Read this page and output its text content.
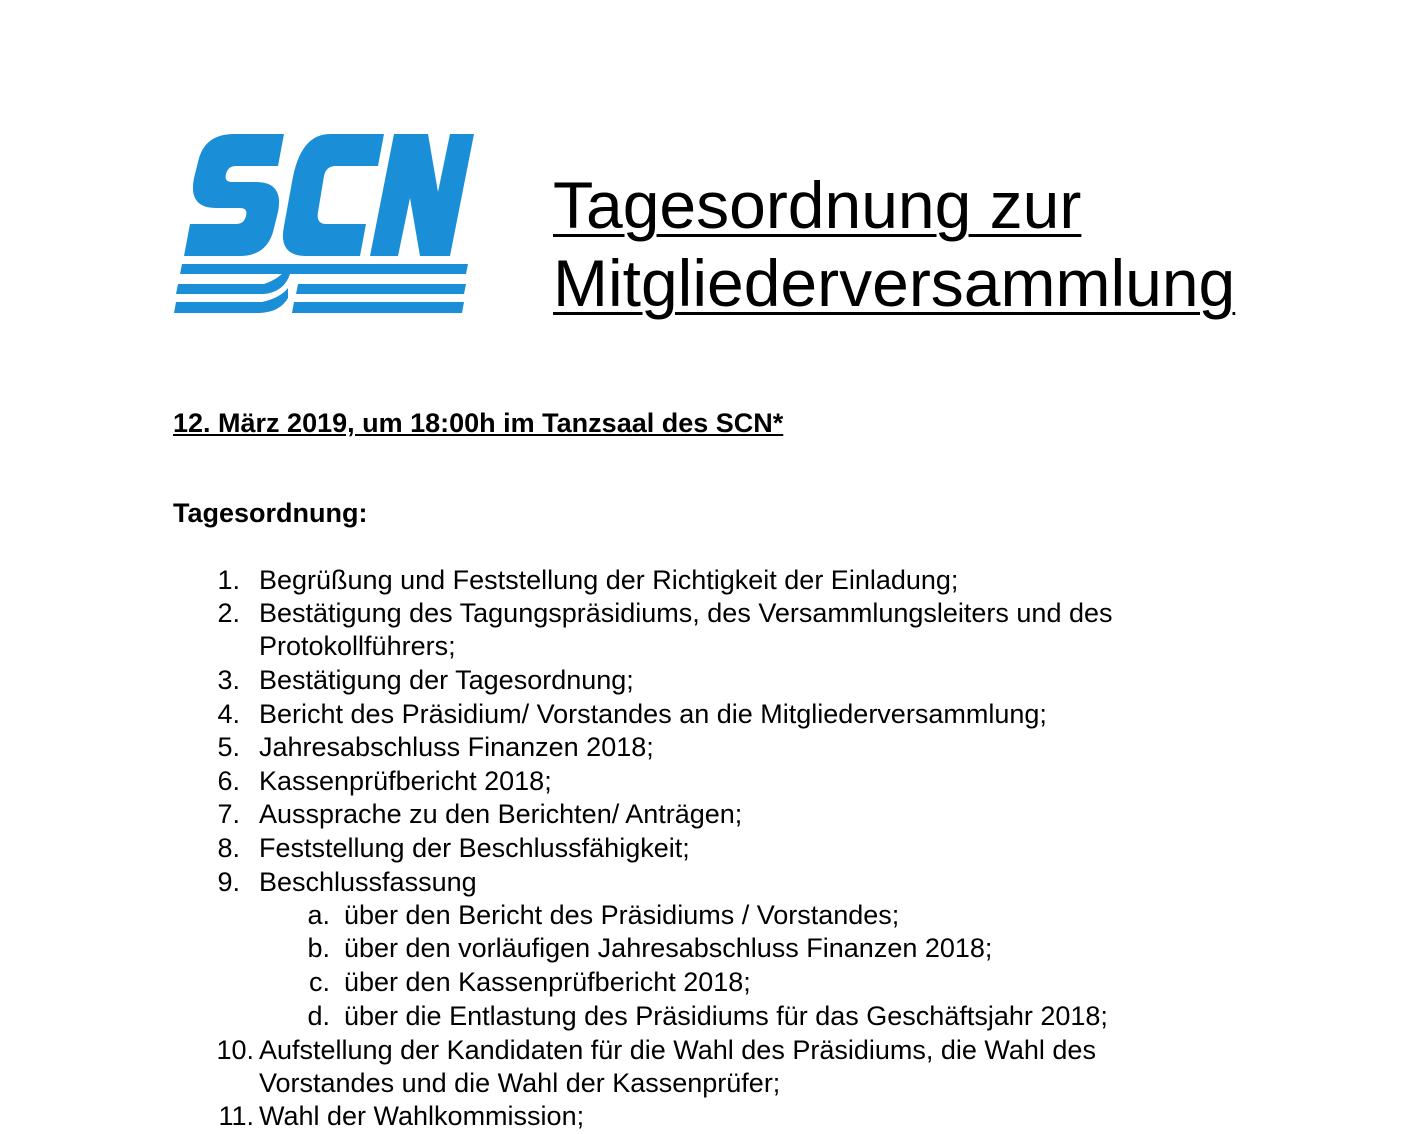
Tagesordnung zur
Mitgliederversammlung

12. März 2019, um 18:00h im Tanzsaal des SCN*

Tagesordnung:

1. Begrüßung und Feststellung der Richtigkeit der Einladung;
2. Bestätigung des Tagungspräsidiums, des Versammlungsleiters und des
Protokollführers;
3. Bestätigung der Tagesordnung;
4. Bericht des Präsidium/ Vorstandes an die Mitgliederversammlung;
5. Jahresabschluss Finanzen 2018;
6. Kassenprüfbericht 2018;
7. Aussprache zu den Berichten/ Anträgen;
8. Feststellung der Beschlussfähigkeit;
9. Beschlussfassung
a. über den Bericht des Präsidiums / Vorstandes;
b. über den vorläufigen Jahresabschluss Finanzen 2018;
c. über den Kassenprüfbericht 2018;
d. über die Entlastung des Präsidiums für das Geschäftsjahr 2018;
10. Aufstellung der Kandidaten für die Wahl des Präsidiums, die Wahl des
Vorstandes und die Wahl der Kassenprüfer;
11. Wahl der Wahlkommission;
